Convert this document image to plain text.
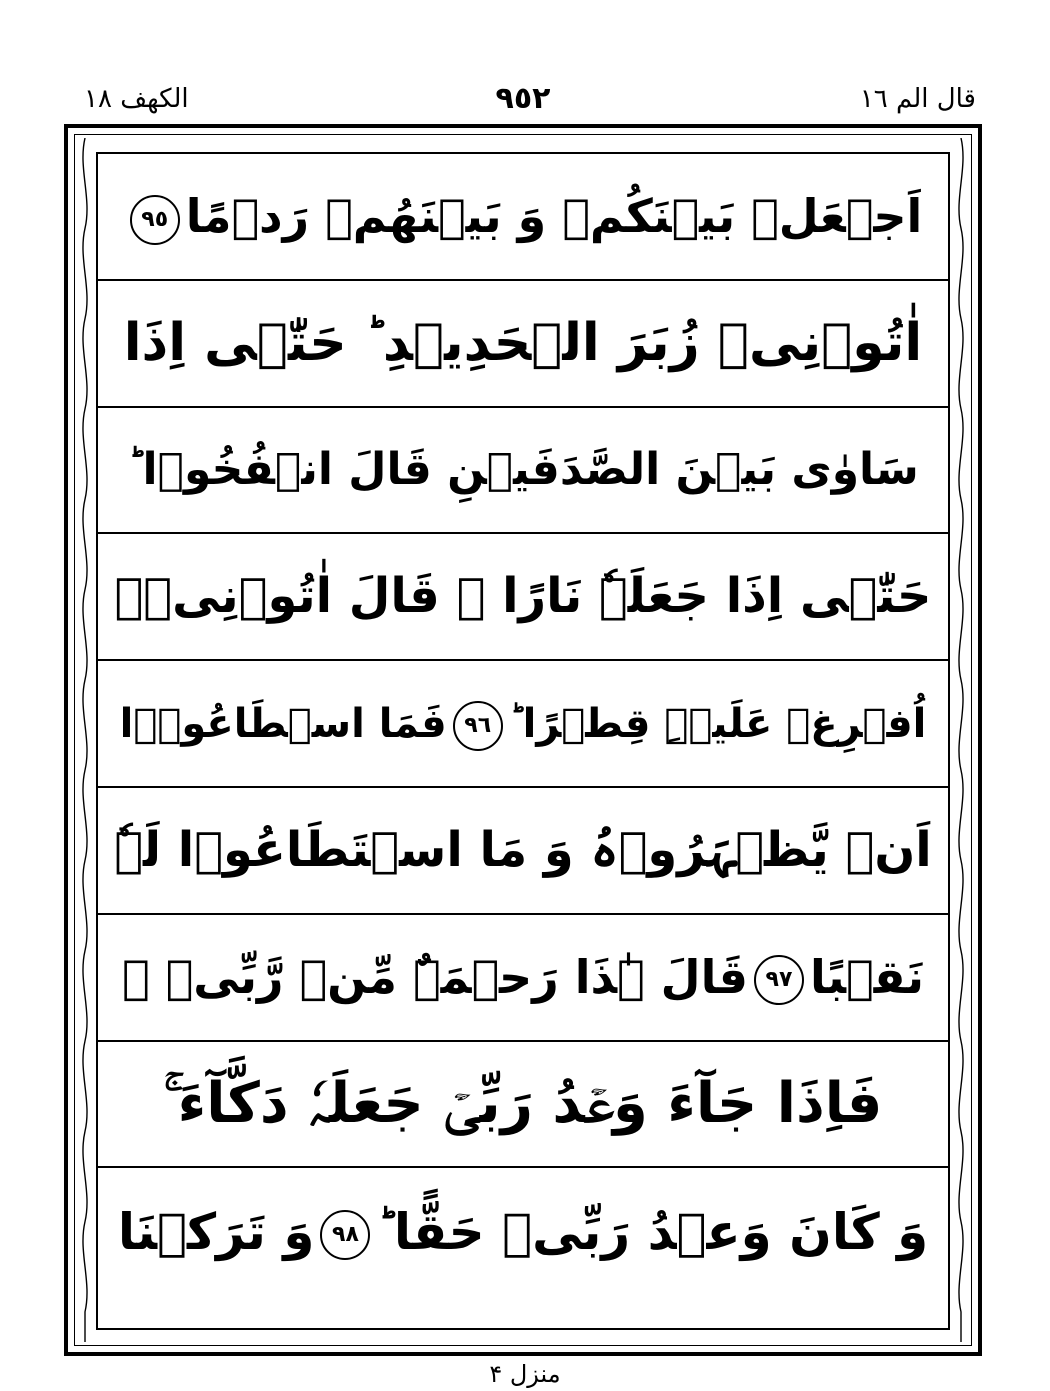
قال الم ١٦
٩٥٢
الکھف ١٨
اَجۡعَلۡ بَیۡنَکُمۡ وَ بَیۡنَھُمۡ رَدۡمًا٩٥
اٰتُوۡنِیۡ زُبَرَ الۡحَدِیۡدِ ؕ حَتّٰۤی اِذَا
سَاوٰی بَیۡنَ الصَّدَفَیۡنِ قَالَ انۡفُخُوۡا ؕ
حَتّٰۤی اِذَا جَعَلَہٗ نَارًا ۙ قَالَ اٰتُوۡنِیۡۤ
اُفۡرِغۡ عَلَیۡہِ قِطۡرًا ؕ٩٦فَمَا اسۡطَاعُوۡۤا
اَنۡ یَّظۡہَرُوۡہُ وَ مَا اسۡتَطَاعُوۡا لَہٗ
نَقۡبًا٩٧قَالَ ہٰذَا رَحۡمَۃٌ مِّنۡ رَّبِّیۡ ۚ
فَاِذَا جَآءَ وَعۡدُ رَبِّیۡ جَعَلَہٗ دَکَّآءَ ۚ
وَ کَانَ وَعۡدُ رَبِّیۡ حَقًّا ؕ٩٨وَ تَرَکۡنَا
منزل ۴
